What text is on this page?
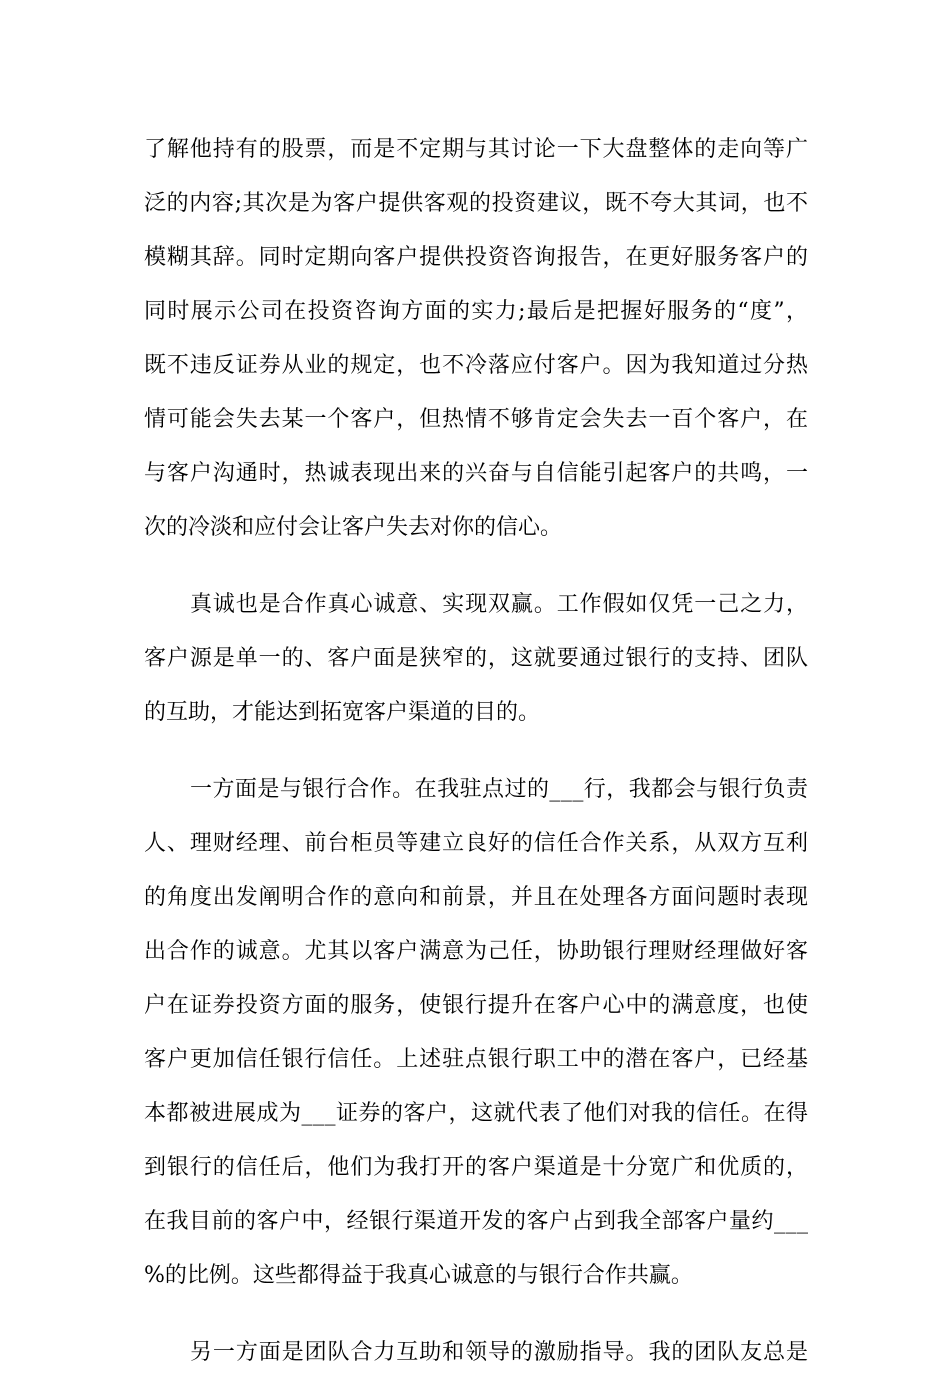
了解他持有的股票，而是不定期与其讨论一下大盘整体的走向等广
泛的内容;其次是为客户提供客观的投资建议，既不夸大其词，也不
模糊其辞。同时定期向客户提供投资咨询报告，在更好服务客户的
同时展示公司在投资咨询方面的实力;最后是把握好服务的“度”，
既不违反证券从业的规定，也不冷落应付客户。因为我知道过分热
情可能会失去某一个客户，但热情不够肯定会失去一百个客户，在
与客户沟通时，热诚表现出来的兴奋与自信能引起客户的共鸣，一
次的冷淡和应付会让客户失去对你的信心。
真诚也是合作真心诚意、实现双赢。工作假如仅凭一己之力，
客户源是单一的、客户面是狭窄的，这就要通过银行的支持、团队
的互助，才能达到拓宽客户渠道的目的。
一方面是与银行合作。在我驻点过的___行，我都会与银行负责
人、理财经理、前台柜员等建立良好的信任合作关系，从双方互利
的角度出发阐明合作的意向和前景，并且在处理各方面问题时表现
出合作的诚意。尤其以客户满意为己任，协助银行理财经理做好客
户在证券投资方面的服务，使银行提升在客户心中的满意度，也使
客户更加信任银行信任。上述驻点银行职工中的潜在客户，已经基
本都被进展成为___证券的客户，这就代表了他们对我的信任。在得
到银行的信任后，他们为我打开的客户渠道是十分宽广和优质的，
在我目前的客户中，经银行渠道开发的客户占到我全部客户量约___
%的比例。这些都得益于我真心诚意的与银行合作共赢。
另一方面是团队合力互助和领导的激励指导。我的团队友总是
